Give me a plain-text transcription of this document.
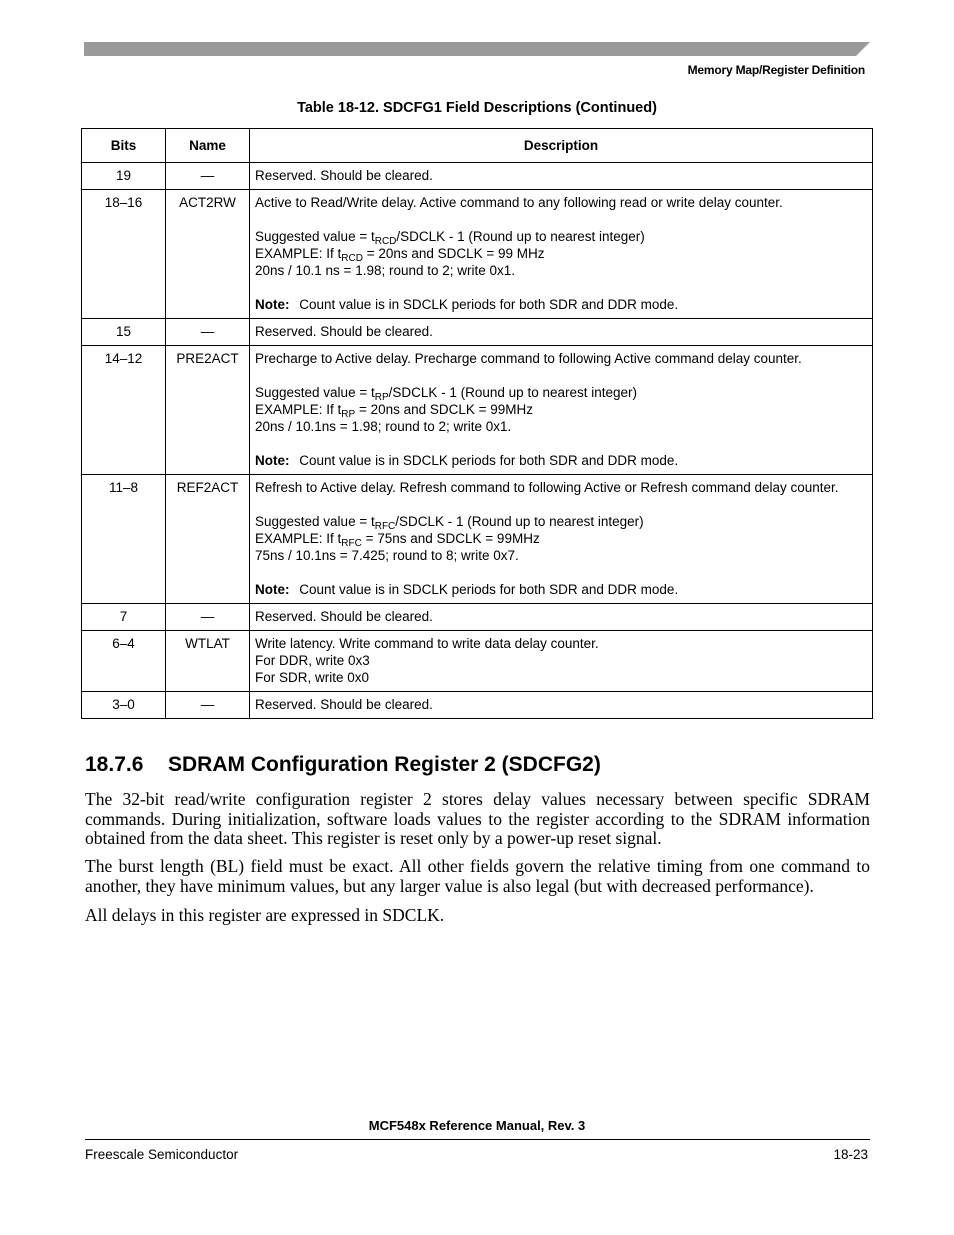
Memory Map/Register Definition
Table 18-12. SDCFG1 Field Descriptions (Continued)
Bits	Name	Description
19	—	Reserved. Should be cleared.
18–16	ACT2RW	Active to Read/Write delay. Active command to any following read or write delay counter.
Suggested value = $t_{RCD}$/SDCLK - 1 (Round up to nearest integer)
EXAMPLE: If $t_{RCD} = 20ns$ and SDCLK = 99 MHz
20ns / 10.1 ns = 1.98; round to 2; write 0x1.
Note: Count value is in SDCLK periods for both SDR and DDR mode.

15	—	Reserved. Should be cleared.
14–12	PRE2ACT	Precharge to Active delay. Precharge command to following Active command delay counter.
Suggested value = $t_{RP}$/SDCLK - 1 (Round up to nearest integer)
EXAMPLE: If $t_{RP} = 20ns$ and SDCLK = 99MHz
20ns / 10.1ns = 1.98; round to 2; write 0x1.
Note: Count value is in SDCLK periods for both SDR and DDR mode.

11–8	REF2ACT	Refresh to Active delay. Refresh command to following Active or Refresh command delay counter.
Suggested value = $t_{RFC}$/SDCLK - 1 (Round up to nearest integer)
EXAMPLE: If $t_{RFC} = 75ns$ and SDCLK = 99MHz
75ns / 10.1ns = 7.425; round to 8; write 0x7.
Note: Count value is in SDCLK periods for both SDR and DDR mode.

7	—	Reserved. Should be cleared.
6–4	WTLAT	Write latency. Write command to write data delay counter.
For DDR, write 0x3
For SDR, write 0x0

3–0	—	Reserved. Should be cleared.
18.7.6 SDRAM Configuration Register 2 (SDCFG2)

The 32-bit read/write configuration register 2 stores delay values necessary between specific SDRAM commands. During initialization, software loads values to the register according to the SDRAM information obtained from the data sheet. This register is reset only by a power-up reset signal.

The burst length (BL) field must be exact. All other fields govern the relative timing from one command to another, they have minimum values, but any larger value is also legal (but with decreased performance).

All delays in this register are expressed in SDCLK.

MCF548x Reference Manual, Rev. 3
Freescale Semiconductor	18-23
